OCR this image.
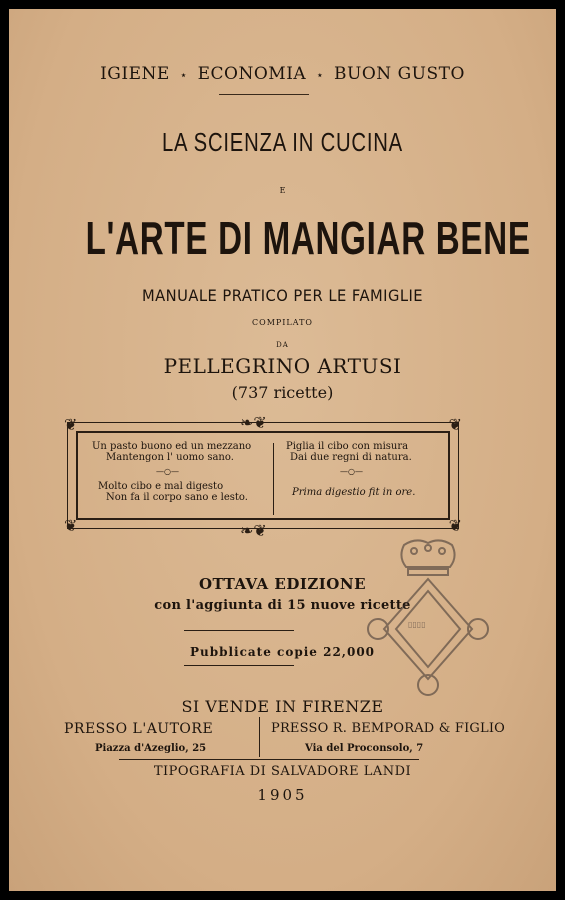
IGIENE ⋆ ECONOMIA ⋆ BUON GUSTO
LA SCIENZA IN CUCINA
E
L'ARTE DI MANGIAR BENE
MANUALE PRATICO PER LE FAMIGLIE
COMPILATO
DA
PELLEGRINO ARTUSI
(737 ricette)
❦	❦
❦	❦
❧❦
❧❦
Un pasto buono ed un mezzano
Mantengon l' uomo sano.
—○—
Molto cibo e mal digesto
Non fa il corpo sano e lesto.
Piglia il cibo con misura
Dai due regni di natura.
—○—
Prima digestio fit in ore.
OTTAVA EDIZIONE
con l'aggiunta di 15 nuove ricette
Pubblicate copie 22,000
SI VENDE IN FIRENZE
PRESSO L'AUTORE
Piazza d'Azeglio, 25
PRESSO R. BEMPORAD & FIGLIO
Via del Proconsolo, 7
TIPOGRAFIA DI SALVADORE LANDI
1905
▯▯▯▯
